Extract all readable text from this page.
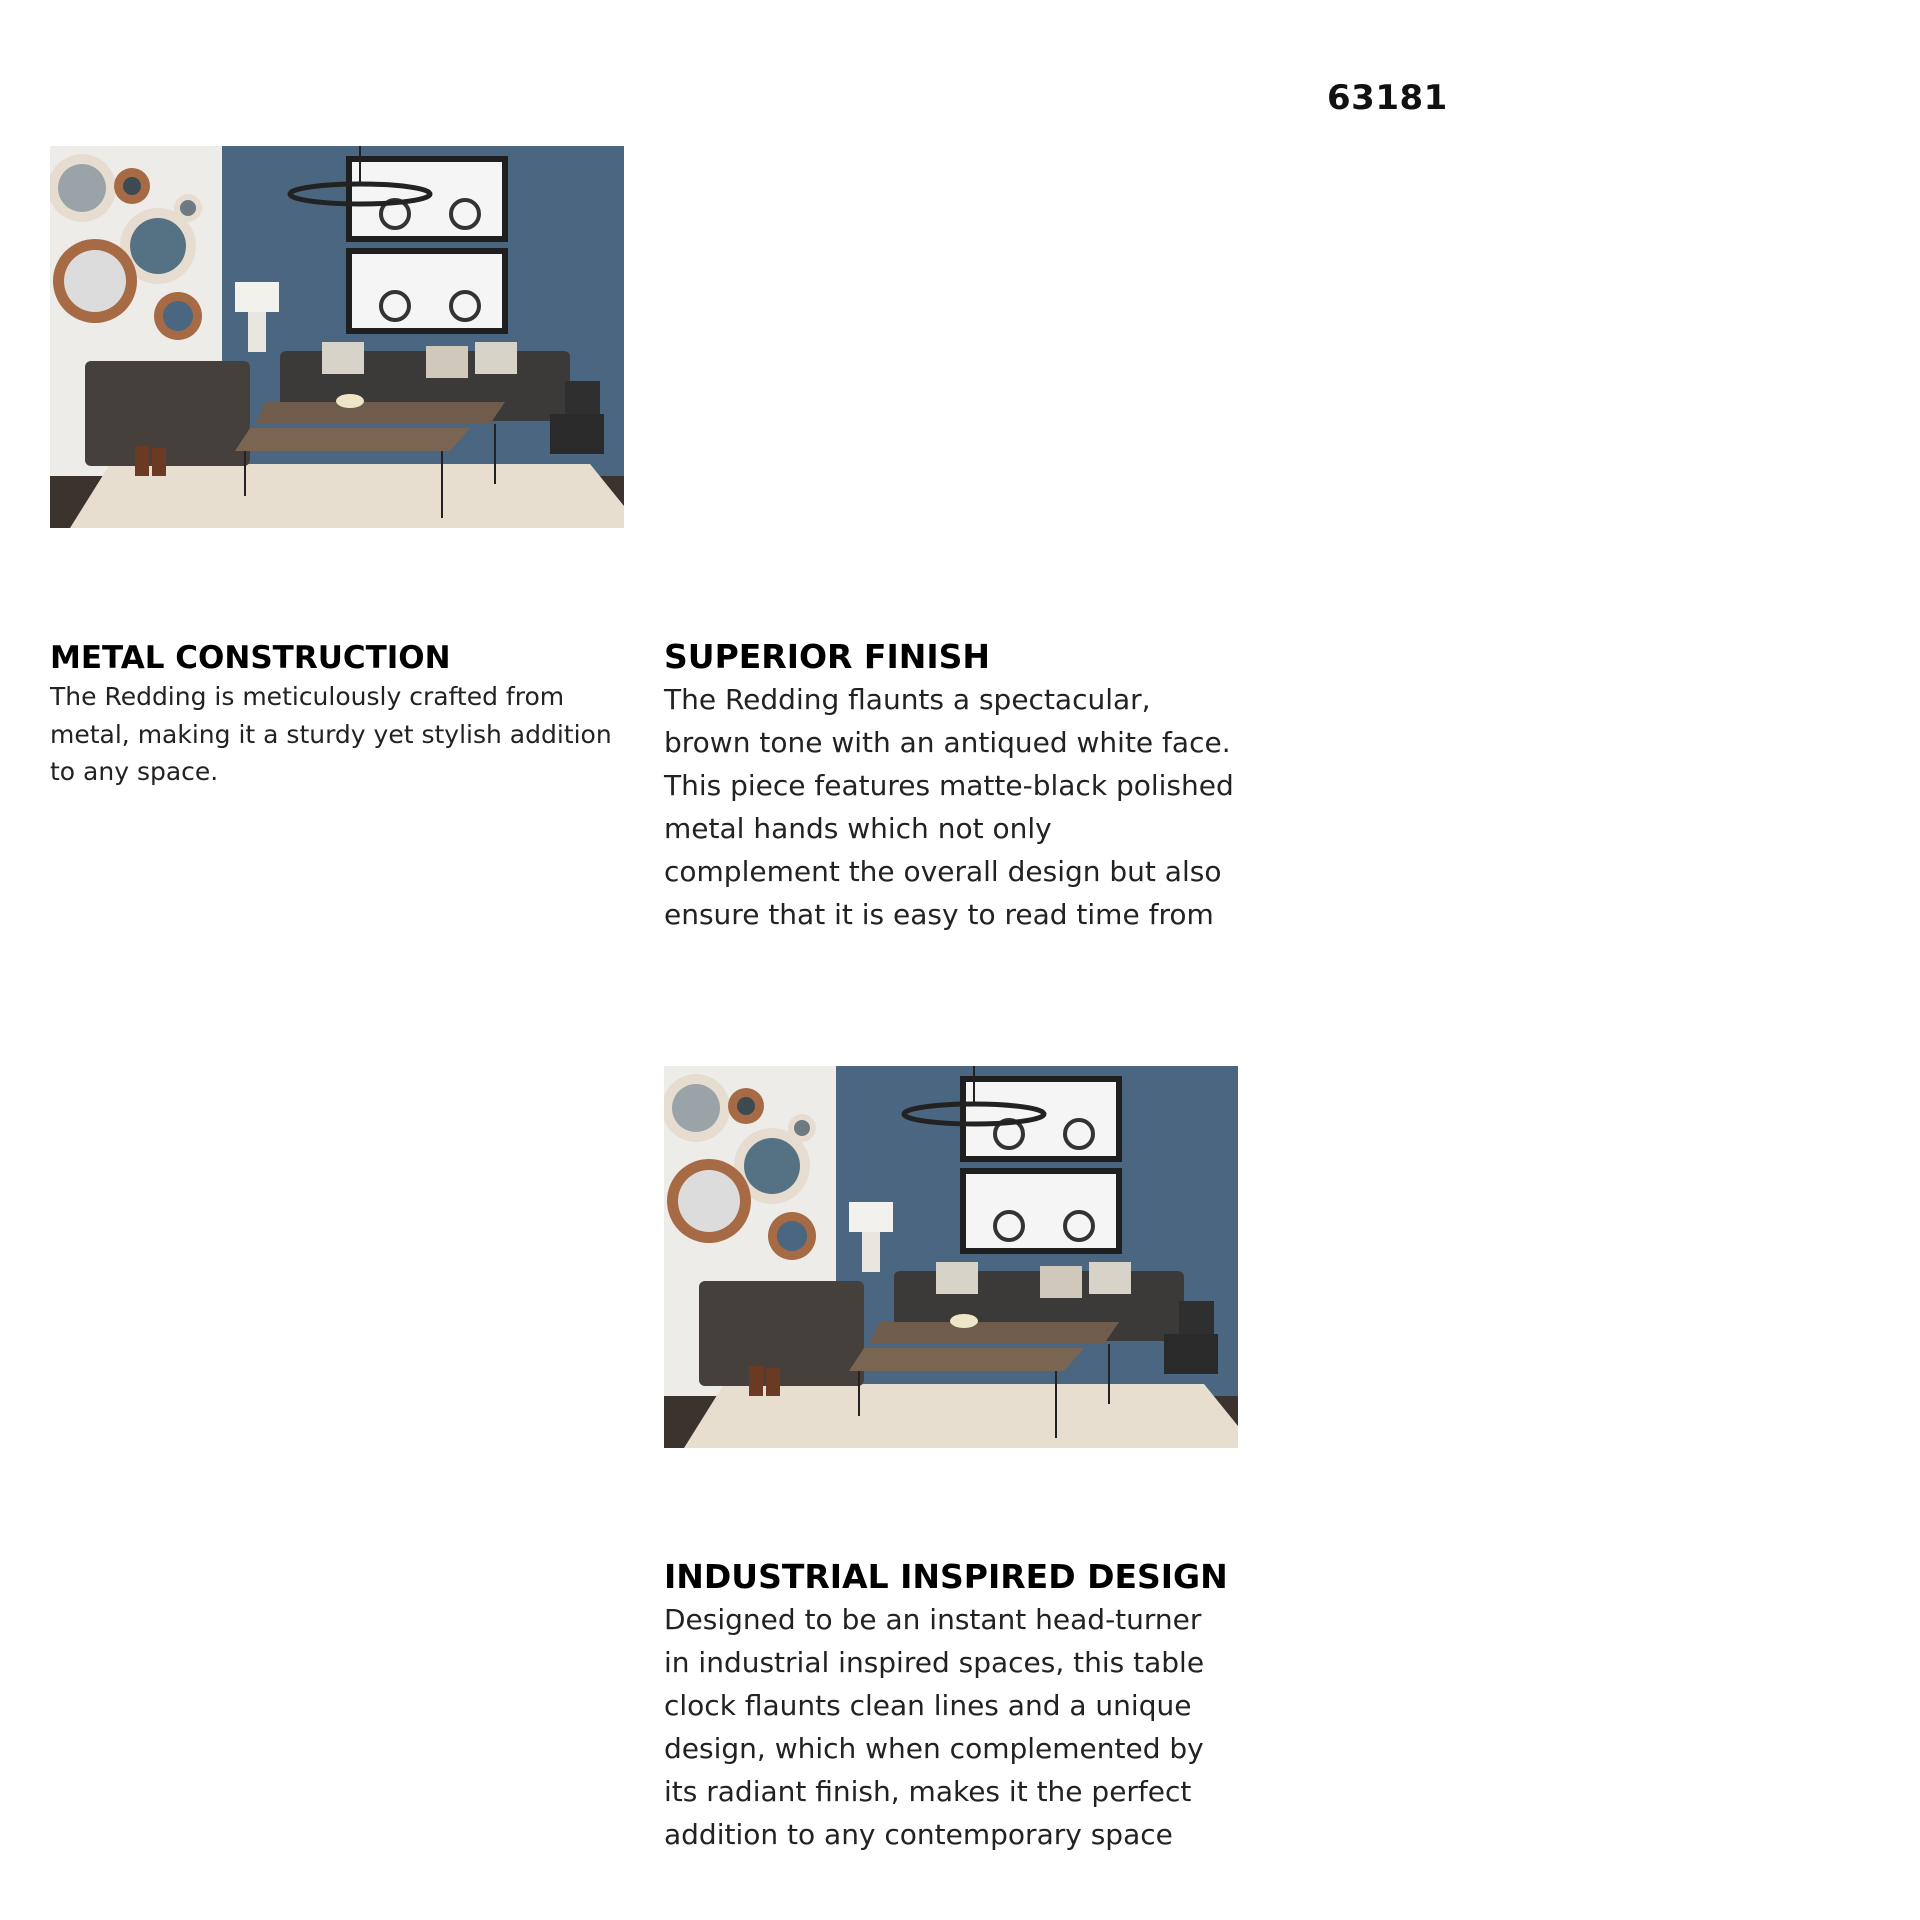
63181
METAL CONSTRUCTION

The Redding is meticulously crafted from
metal, making it a sturdy yet stylish addition
to any space.

SUPERIOR FINISH

The Redding flaunts a spectacular,
brown tone with an antiqued white face.
This piece features matte-black polished
metal hands which not only
complement the overall design but also
ensure that it is easy to read time from

INDUSTRIAL INSPIRED DESIGN

Designed to be an instant head-turner
in industrial inspired spaces, this table
clock flaunts clean lines and a unique
design, which when complemented by
its radiant finish, makes it the perfect
addition to any contemporary space
